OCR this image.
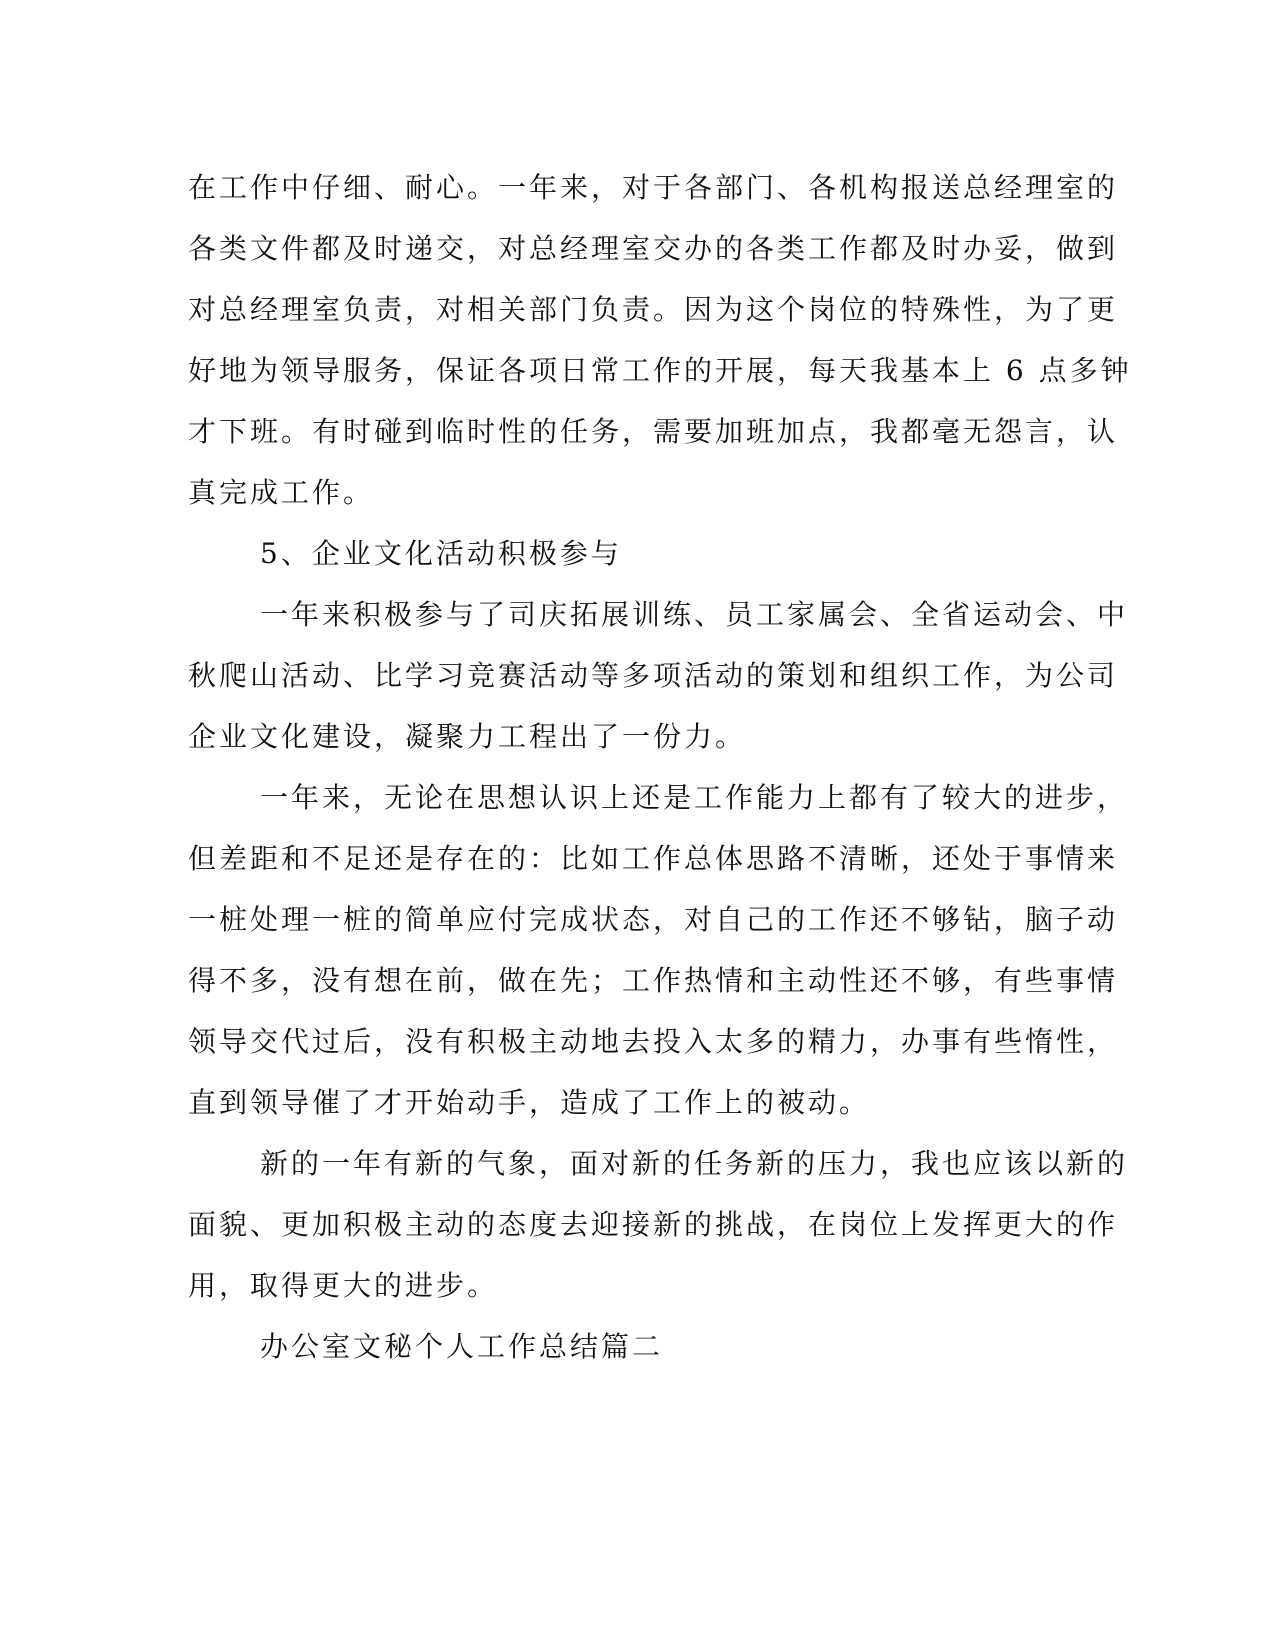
在工作中仔细、耐心。一年来，对于各部门、各机构报送总经理室的
各类文件都及时递交，对总经理室交办的各类工作都及时办妥，做到
对总经理室负责，对相关部门负责。因为这个岗位的特殊性，为了更
好地为领导服务，保证各项日常工作的开展，每天我基本上 6 点多钟
才下班。有时碰到临时性的任务，需要加班加点，我都毫无怨言，认
真完成工作。

5、企业文化活动积极参与

一年来积极参与了司庆拓展训练、员工家属会、全省运动会、中
秋爬山活动、比学习竞赛活动等多项活动的策划和组织工作，为公司
企业文化建设，凝聚力工程出了一份力。

一年来，无论在思想认识上还是工作能力上都有了较大的进步，
但差距和不足还是存在的：比如工作总体思路不清晰，还处于事情来
一桩处理一桩的简单应付完成状态，对自己的工作还不够钻，脑子动
得不多，没有想在前，做在先；工作热情和主动性还不够，有些事情
领导交代过后，没有积极主动地去投入太多的精力，办事有些惰性，
直到领导催了才开始动手，造成了工作上的被动。

新的一年有新的气象，面对新的任务新的压力，我也应该以新的
面貌、更加积极主动的态度去迎接新的挑战，在岗位上发挥更大的作
用，取得更大的进步。

办公室文秘个人工作总结篇二
